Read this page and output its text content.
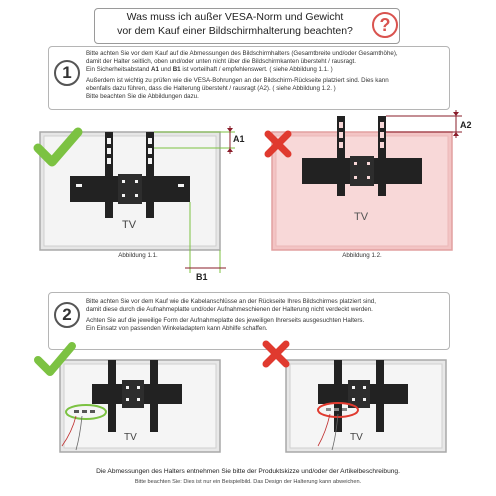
Was muss ich außer VESA-Norm und Gewicht
vor dem Kauf einer Bildschirmhalterung beachten?	?
1
Bitte achten Sie vor dem Kauf auf die Abmessungen des Bildschirmhalters (Gesamtbreite und/oder Gesamthöhe),
damit der Halter seitlich, oben und/oder unten nicht über die Bildschirmkanten übersteht / rausragt.
Ein Sicherheitsabstand A1 und B1 ist vorteilhaft / empfehlenswert. ( siehe Abbildung 1.1. )
Außerdem ist wichtig zu prüfen wie die VESA-Bohrungen an der Bildschirm-Rückseite platziert sind. Dies kann
ebenfalls dazu führen, dass die Halterung übersteht / rausragt (A2). ( siehe Abbildung 1.2. )
Bitte beachten Sie die Abbildungen dazu.
TV
A1
B1
Abbildung 1.1.
TV
A2
Abbildung 1.2.
2
Bitte achten Sie vor dem Kauf wie die Kabelanschlüsse an der Rückseite Ihres Bildschirmes platziert sind,
damit diese durch die Aufnahmeplatte und/oder Aufnahmeschienen der Halterung nicht verdeckt werden.
Achten Sie auf die jeweilige Form der Aufnahmeplatte des jeweiligen Ihrerseits ausgesuchten Halters.
Ein Einsatz von passenden Winkeladaptern kann Abhilfe schaffen.
TV	TV
Die Abmessungen des Halters entnehmen Sie bitte der Produktskizze und/oder der Artikelbeschreibung.
Bitte beachten Sie: Dies ist nur ein Beispielbild. Das Design der Halterung kann abweichen.
